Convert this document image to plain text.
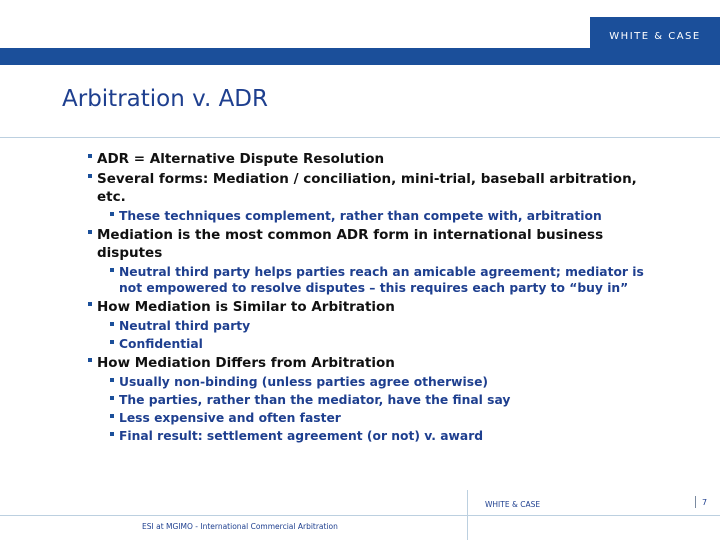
WHITE & CASE
Arbitration v. ADR
ADR = Alternative Dispute Resolution
Several forms: Mediation / conciliation, mini-trial, baseball arbitration, etc.
These techniques complement, rather than compete with, arbitration
Mediation is the most common ADR form in international business disputes
Neutral third party helps parties reach an amicable agreement; mediator is not empowered to resolve disputes – this requires each party to “buy in”
How Mediation is Similar to Arbitration
Neutral third party
Confidential
How Mediation Differs from Arbitration
Usually non-binding (unless parties agree otherwise)
The parties, rather than the mediator, have the final say
Less expensive and often faster
Final result: settlement agreement (or not) v. award
WHITE & CASE	7
ESI at MGIMO - International Commercial Arbitration
